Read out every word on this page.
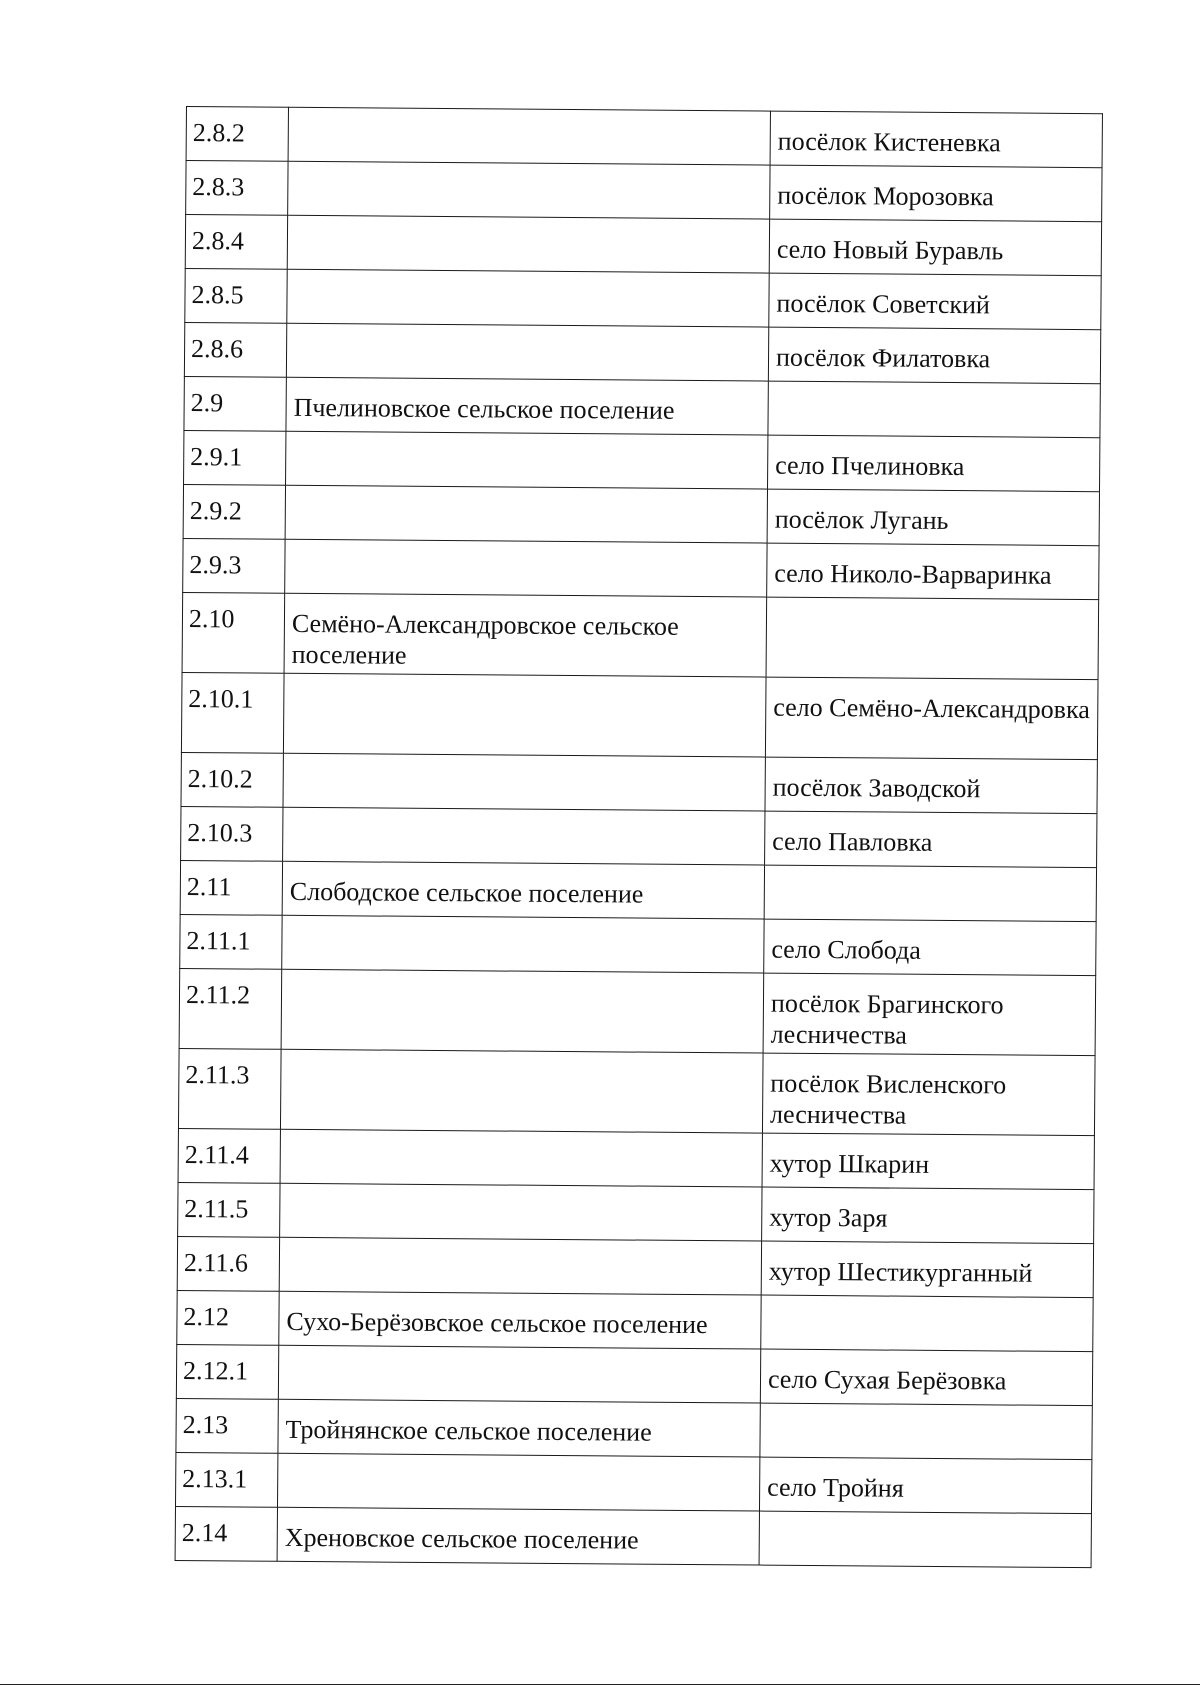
2.8.2		посёлок Кистеневка

2.8.3		посёлок Морозовка

2.8.4		село Новый Буравль

2.8.5		посёлок Советский

2.8.6		посёлок Филатовка

2.9	Пчелиновское сельское поселение	

2.9.1		село Пчелиновка

2.9.2		посёлок Лугань

2.9.3		село Николо-Варваринка

2.10	Семёно-Александровское сельское поселение	

2.10.1		село Семёно-Александровка

2.10.2		посёлок Заводской

2.10.3		село Павловка

2.11	Слободское сельское поселение	

2.11.1		село Слобода

2.11.2		посёлок Брагинского лесничества

2.11.3		посёлок Висленского лесничества

2.11.4		хутор Шкарин

2.11.5		хутор Заря

2.11.6		хутор Шестикурганный

2.12	Сухо-Берёзовское сельское поселение	

2.12.1		село Сухая Берёзовка

2.13	Тройнянское сельское поселение	

2.13.1		село Тройня

2.14	Хреновское сельское поселение	
